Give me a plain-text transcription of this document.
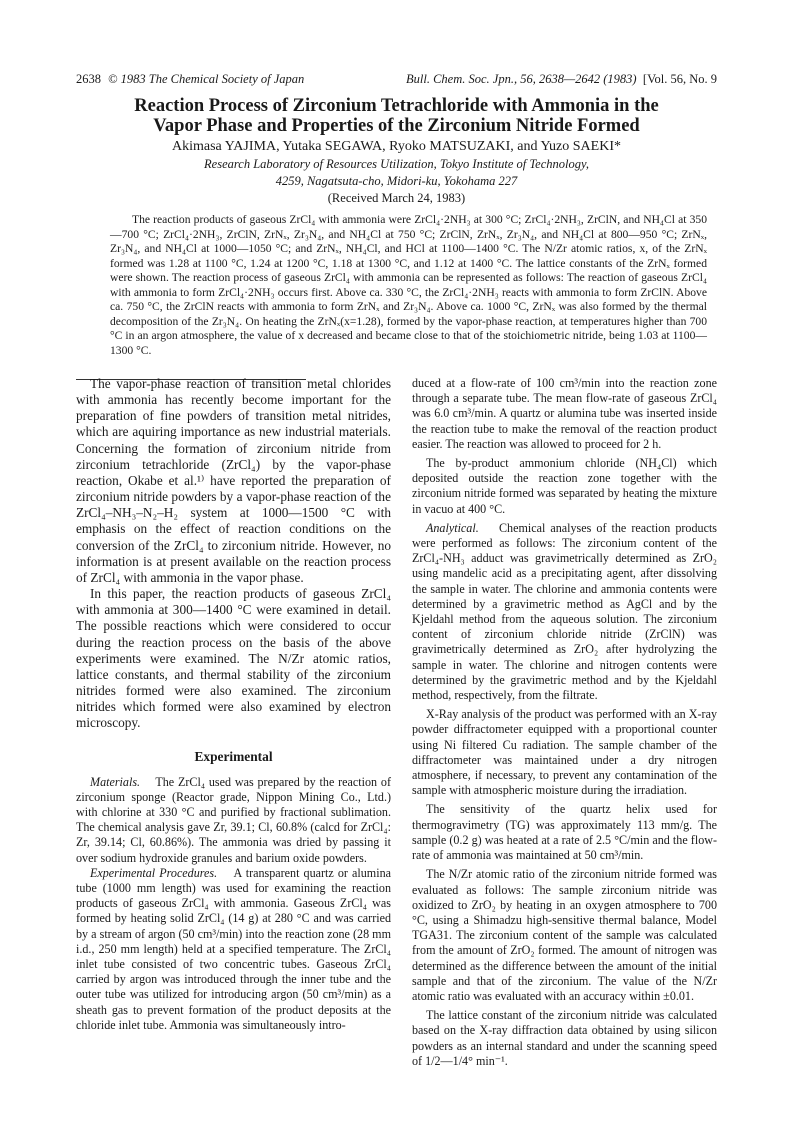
2638 © 1983 The Chemical Society of Japan	Bull. Chem. Soc. Jpn., 56, 2638—2642 (1983) [Vol. 56, No. 9
Reaction Process of Zirconium Tetrachloride with Ammonia in the
Vapor Phase and Properties of the Zirconium Nitride Formed
Akimasa YAJIMA, Yutaka SEGAWA, Ryoko MATSUZAKI, and Yuzo SAEKI*
Research Laboratory of Resources Utilization, Tokyo Institute of Technology,
4259, Nagatsuta-cho, Midori-ku, Yokohama 227
(Received March 24, 1983)
The reaction products of gaseous ZrCl₄ with ammonia were ZrCl₄·2NH₃ at 300 °C; ZrCl₄·2NH₃, ZrClN, and NH₄Cl at 350—700 °C; ZrCl₄·2NH₃, ZrClN, ZrNₓ, Zr₃N₄, and NH₄Cl at 750 °C; ZrClN, ZrNₓ, Zr₃N₄, and NH₄Cl at 800—950 °C; ZrNₓ, Zr₃N₄, and NH₄Cl at 1000—1050 °C; and ZrNₓ, NH₄Cl, and HCl at 1100—1400 °C. The N/Zr atomic ratios, x, of the ZrNₓ formed was 1.28 at 1100 °C, 1.24 at 1200 °C, 1.18 at 1300 °C, and 1.12 at 1400 °C. The lattice constants of the ZrNₓ formed were shown. The reaction process of gaseous ZrCl₄ with ammonia can be represented as follows: The reaction of gaseous ZrCl₄ with ammonia to form ZrCl₄·2NH₃ occurs first. Above ca. 330 °C, the ZrCl₄·2NH₃ reacts with ammonia to form ZrClN. Above ca. 750 °C, the ZrClN reacts with ammonia to form ZrNₓ and Zr₃N₄. Above ca. 1000 °C, ZrNₓ was also formed by the thermal decomposition of the Zr₃N₄. On heating the ZrNₓ(x=1.28), formed by the vapor-phase reaction, at temperatures higher than 700 °C in an argon atmosphere, the value of x decreased and became close to that of the stoichiometric nitride, being 1.03 at 1100—1300 °C.

The vapor-phase reaction of transition metal chlorides with ammonia has recently become important for the preparation of fine powders of transition metal nitrides, which are aquiring importance as new industrial materials. Concerning the formation of zirconium nitride from zirconium tetrachloride (ZrCl₄) by the vapor-phase reaction, Okabe et al.¹⁾ have reported the preparation of zirconium nitride powders by a vapor-phase reaction of the ZrCl₄–NH₃–N₂–H₂ system at 1000—1500 °C with emphasis on the effect of reaction conditions on the conversion of the ZrCl₄ to zirconium nitride. However, no information is at present available on the reaction process of ZrCl₄ with ammonia in the vapor phase.

In this paper, the reaction products of gaseous ZrCl₄ with ammonia at 300—1400 °C were examined in detail. The possible reactions which were considered to occur during the reaction process on the basis of the above experiments were examined. The N/Zr atomic ratios, lattice constants, and thermal stability of the zirconium nitrides formed were also examined. The zirconium nitrides which formed were also examined by electron microscopy.

Experimental

Materials. The ZrCl₄ used was prepared by the reaction of zirconium sponge (Reactor grade, Nippon Mining Co., Ltd.) with chlorine at 330 °C and purified by fractional sublimation. The chemical analysis gave Zr, 39.1; Cl, 60.8% (calcd for ZrCl₄: Zr, 39.14; Cl, 60.86%). The ammonia was dried by passing it over sodium hydroxide granules and barium oxide powders.

Experimental Procedures. A transparent quartz or alumina tube (1000 mm length) was used for examining the reaction products of gaseous ZrCl₄ with ammonia. Gaseous ZrCl₄ was formed by heating solid ZrCl₄ (14 g) at 280 °C and was carried by a stream of argon (50 cm³/min) into the reaction zone (28 mm i.d., 250 mm length) held at a specified temperature. The ZrCl₄ inlet tube consisted of two concentric tubes. Gaseous ZrCl₄ carried by argon was introduced through the inner tube and the outer tube was utilized for introducing argon (50 cm³/min) as a sheath gas to prevent formation of the product deposits at the chloride inlet tube. Ammonia was simultaneously intro-

duced at a flow-rate of 100 cm³/min into the reaction zone through a separate tube. The mean flow-rate of gaseous ZrCl₄ was 6.0 cm³/min. A quartz or alumina tube was inserted inside the reaction tube to make the removal of the reaction product easier. The reaction was allowed to proceed for 2 h.

The by-product ammonium chloride (NH₄Cl) which deposited outside the reaction zone together with the zirconium nitride formed was separated by heating the mixture in vacuo at 400 °C.

Analytical. Chemical analyses of the reaction products were performed as follows: The zirconium content of the ZrCl₄-NH₃ adduct was gravimetrically determined as ZrO₂ using mandelic acid as a precipitating agent, after dissolving the sample in water. The chlorine and ammonia contents were determined by a gravimetric method as AgCl and by the Kjeldahl method from the aqueous solution. The zirconium content of zirconium chloride nitride (ZrClN) was gravimetrically determined as ZrO₂ after hydrolyzing the sample in water. The chlorine and nitrogen contents were determined by the gravimetric method and by the Kjeldahl method, respectively, from the filtrate.

X-Ray analysis of the product was performed with an X-ray powder diffractometer equipped with a proportional counter using Ni filtered Cu radiation. The sample chamber of the diffractometer was maintained under a dry nitrogen atmosphere, if necessary, to prevent any contamination of the sample with atmospheric moisture during the irradiation.

The sensitivity of the quartz helix used for thermogravimetry (TG) was approximately 113 mm/g. The sample (0.2 g) was heated at a rate of 2.5 °C/min and the flow-rate of ammonia was maintained at 50 cm³/min.

The N/Zr atomic ratio of the zirconium nitride formed was evaluated as follows: The sample zirconium nitride was oxidized to ZrO₂ by heating in an oxygen atmosphere to 700 °C, using a Shimadzu high-sensitive thermal balance, Model TGA31. The zirconium content of the sample was calculated from the amount of ZrO₂ formed. The amount of nitrogen was determined as the difference between the amount of the initial sample and that of the zirconium. The value of the N/Zr atomic ratio was evaluated with an accuracy within ±0.01.

The lattice constant of the zirconium nitride was calculated based on the X-ray diffraction data obtained by using silicon powders as an internal standard and under the scanning speed of 1/2—1/4° min⁻¹.
